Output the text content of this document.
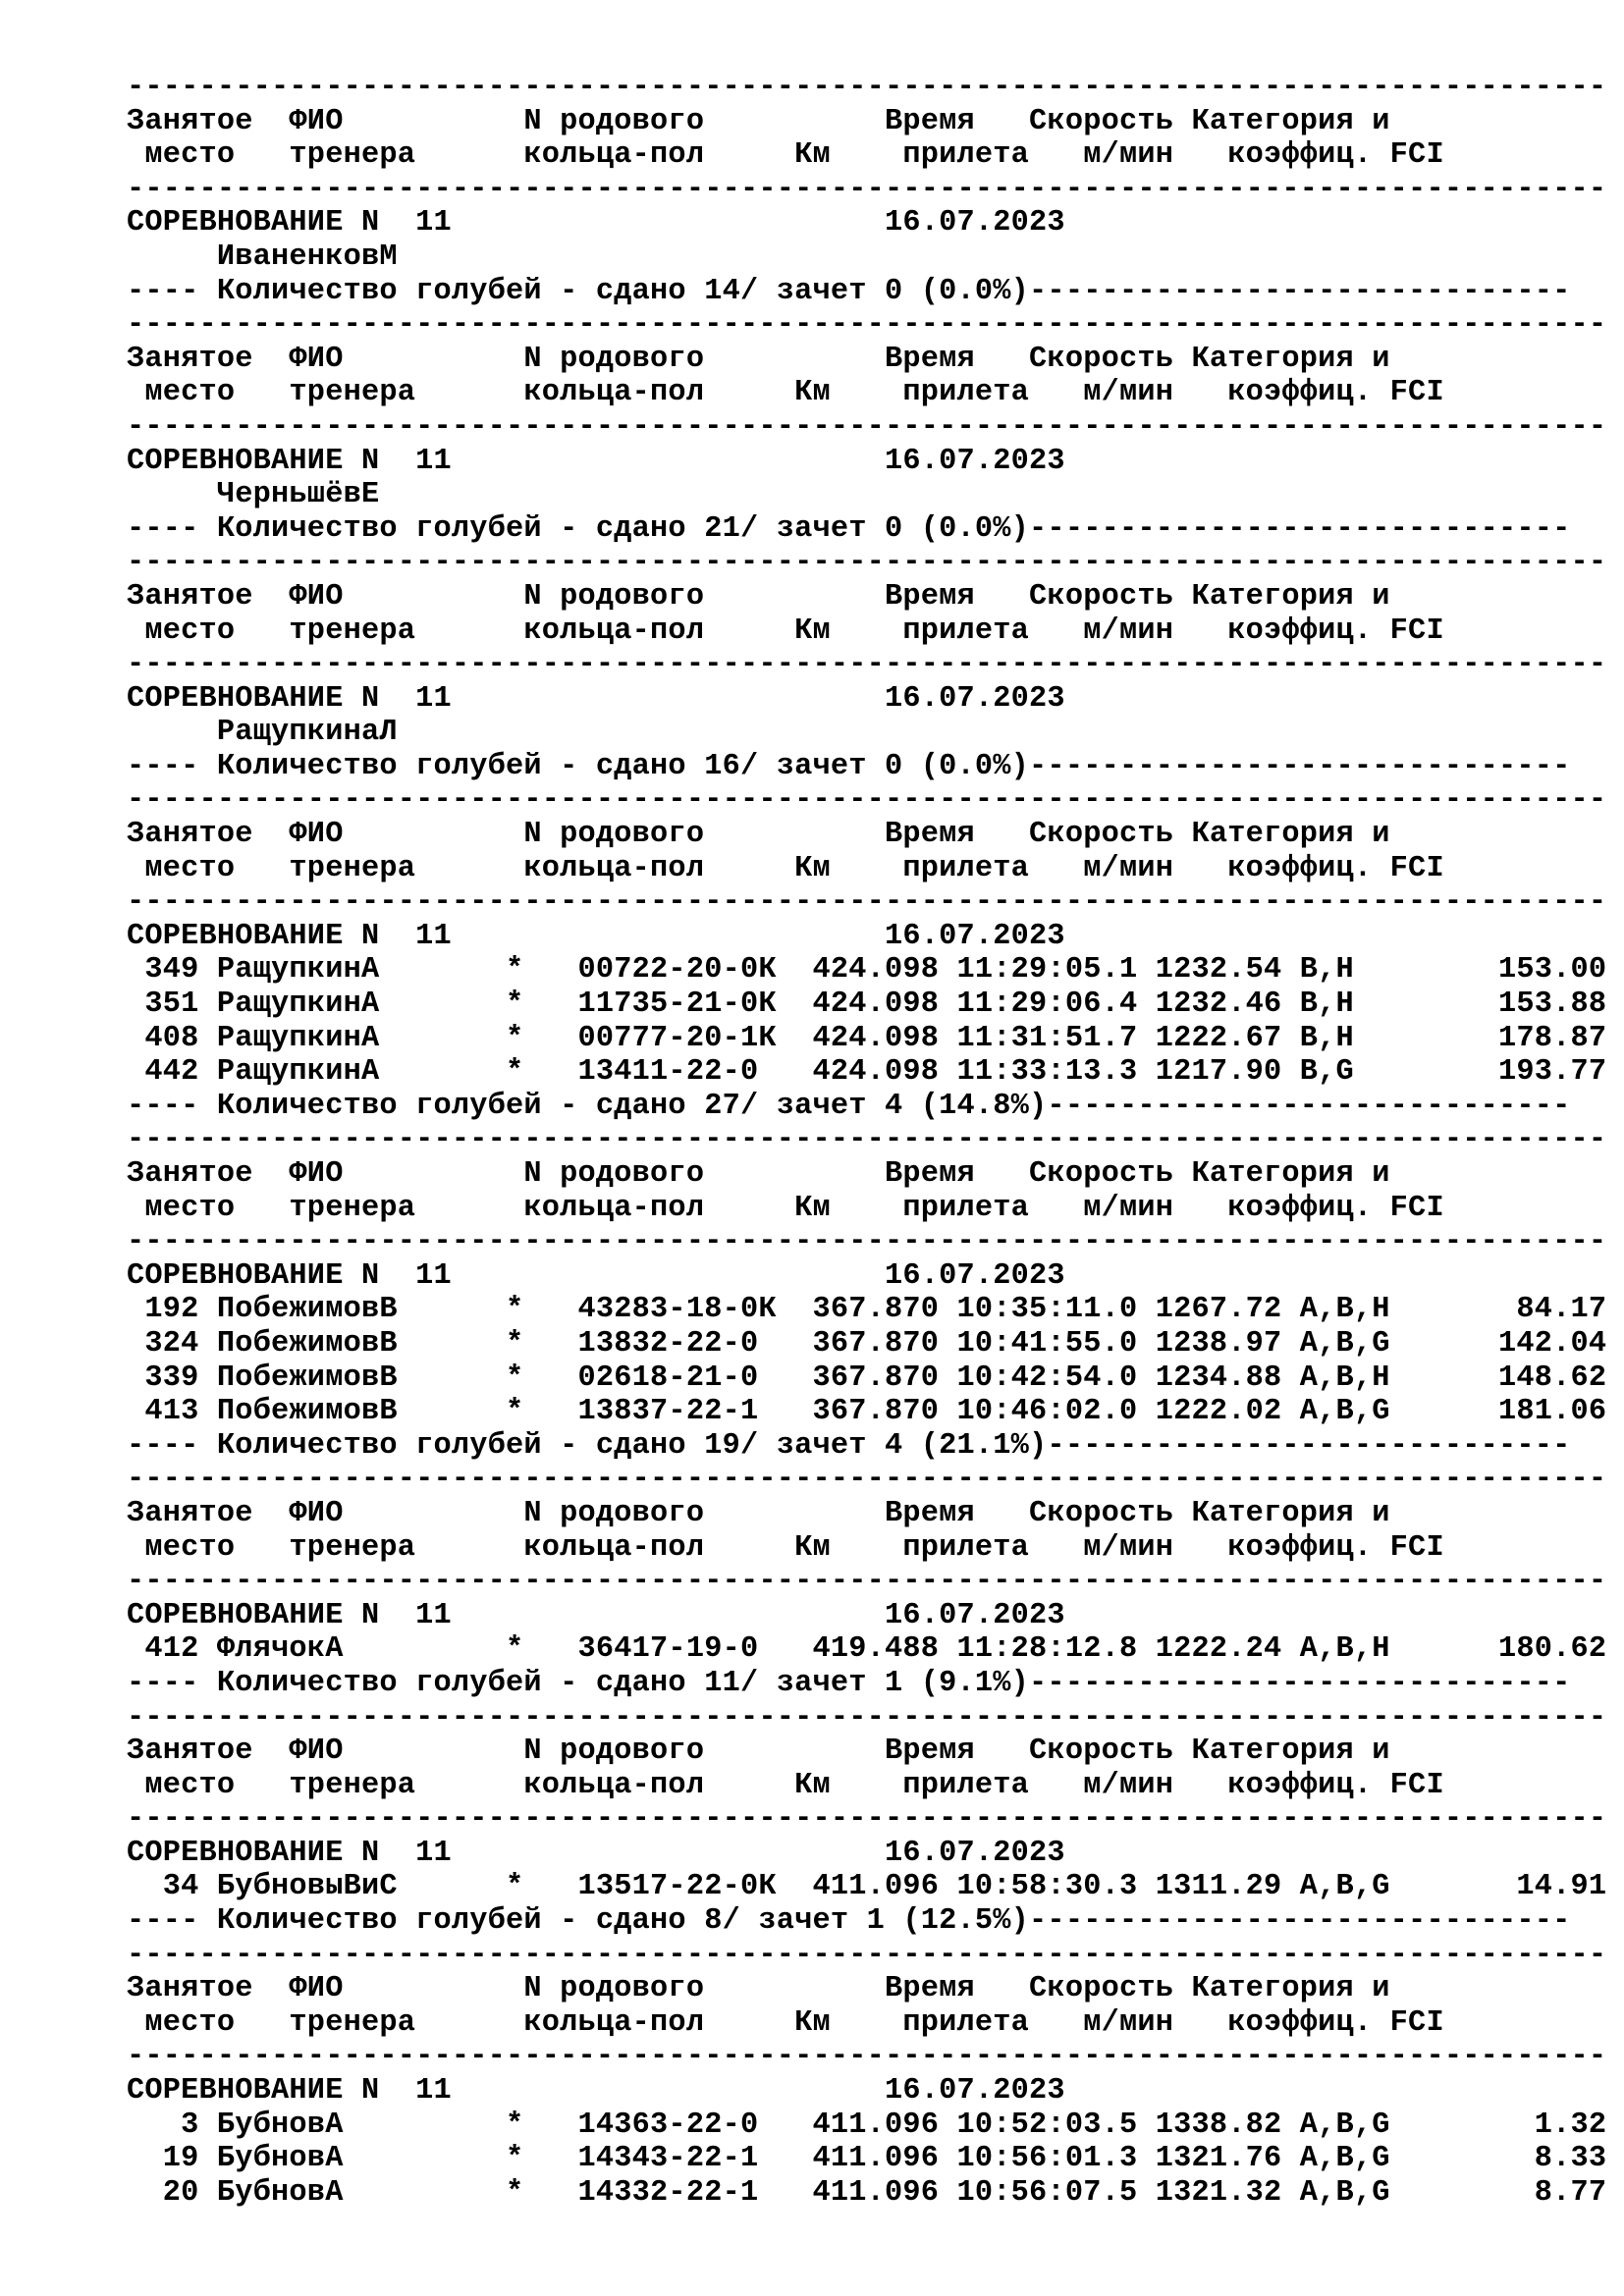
----------------------------------------------------------------------------------
Занятое  ФИО          N родового          Время   Скорость Категория и
место   тренера      кольца-пол     Км    прилета   м/мин   коэффиц. FCI
----------------------------------------------------------------------------------
СОРЕВНОВАНИЕ N  11                        16.07.2023
ИваненковМ
---- Количество голубей - сдано 14/ зачет 0 (0.0%)------------------------------
----------------------------------------------------------------------------------
Занятое  ФИО          N родового          Время   Скорость Категория и
место   тренера      кольца-пол     Км    прилета   м/мин   коэффиц. FCI
----------------------------------------------------------------------------------
СОРЕВНОВАНИЕ N  11                        16.07.2023
ЧерньшёвЕ
---- Количество голубей - сдано 21/ зачет 0 (0.0%)------------------------------
----------------------------------------------------------------------------------
Занятое  ФИО          N родового          Время   Скорость Категория и
место   тренера      кольца-пол     Км    прилета   м/мин   коэффиц. FCI
----------------------------------------------------------------------------------
СОРЕВНОВАНИЕ N  11                        16.07.2023
РащупкинаЛ
---- Количество голубей - сдано 16/ зачет 0 (0.0%)------------------------------
----------------------------------------------------------------------------------
Занятое  ФИО          N родового          Время   Скорость Категория и
место   тренера      кольца-пол     Км    прилета   м/мин   коэффиц. FCI
----------------------------------------------------------------------------------
СОРЕВНОВАНИЕ N  11                        16.07.2023
349 РащупкинА       *   00722-20-0К  424.098 11:29:05.1 1232.54 B,H        153.00
351 РащупкинА       *   11735-21-0К  424.098 11:29:06.4 1232.46 B,H        153.88
408 РащупкинА       *   00777-20-1К  424.098 11:31:51.7 1222.67 B,H        178.87
442 РащупкинА       *   13411-22-0   424.098 11:33:13.3 1217.90 B,G        193.77
---- Количество голубей - сдано 27/ зачет 4 (14.8%)-----------------------------
----------------------------------------------------------------------------------
Занятое  ФИО          N родового          Время   Скорость Категория и
место   тренера      кольца-пол     Км    прилета   м/мин   коэффиц. FCI
----------------------------------------------------------------------------------
СОРЕВНОВАНИЕ N  11                        16.07.2023
192 ПобежимовВ      *   43283-18-0К  367.870 10:35:11.0 1267.72 A,B,H       84.17
324 ПобежимовВ      *   13832-22-0   367.870 10:41:55.0 1238.97 A,B,G      142.04
339 ПобежимовВ      *   02618-21-0   367.870 10:42:54.0 1234.88 A,B,H      148.62
413 ПобежимовВ      *   13837-22-1   367.870 10:46:02.0 1222.02 A,B,G      181.06
---- Количество голубей - сдано 19/ зачет 4 (21.1%)-----------------------------
----------------------------------------------------------------------------------
Занятое  ФИО          N родового          Время   Скорость Категория и
место   тренера      кольца-пол     Км    прилета   м/мин   коэффиц. FCI
----------------------------------------------------------------------------------
СОРЕВНОВАНИЕ N  11                        16.07.2023
412 ФлячокА         *   36417-19-0   419.488 11:28:12.8 1222.24 A,B,H      180.62
---- Количество голубей - сдано 11/ зачет 1 (9.1%)------------------------------
----------------------------------------------------------------------------------
Занятое  ФИО          N родового          Время   Скорость Категория и
место   тренера      кольца-пол     Км    прилета   м/мин   коэффиц. FCI
----------------------------------------------------------------------------------
СОРЕВНОВАНИЕ N  11                        16.07.2023
34 БубновыВиС      *   13517-22-0К  411.096 10:58:30.3 1311.29 A,B,G       14.91
---- Количество голубей - сдано 8/ зачет 1 (12.5%)------------------------------
----------------------------------------------------------------------------------
Занятое  ФИО          N родового          Время   Скорость Категория и
место   тренера      кольца-пол     Км    прилета   м/мин   коэффиц. FCI
----------------------------------------------------------------------------------
СОРЕВНОВАНИЕ N  11                        16.07.2023
3 БубновА         *   14363-22-0   411.096 10:52:03.5 1338.82 A,B,G        1.32
19 БубновА         *   14343-22-1   411.096 10:56:01.3 1321.76 A,B,G        8.33
20 БубновА         *   14332-22-1   411.096 10:56:07.5 1321.32 A,B,G        8.77
